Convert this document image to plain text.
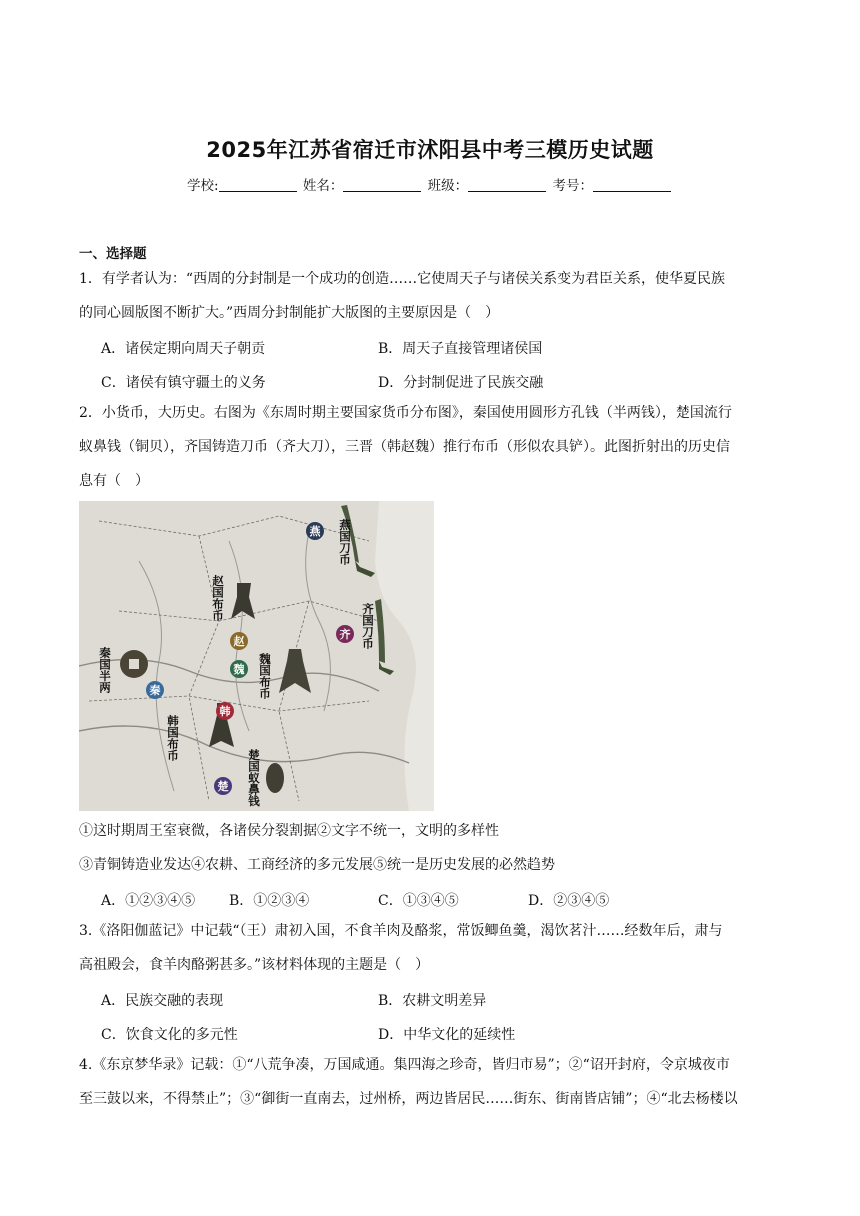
2025年江苏省宿迁市沭阳县中考三模历史试题
学校:	姓名：	班级：	考号：
一、选择题
1．有学者认为：“西周的分封制是一个成功的创造……它使周天子与诸侯关系变为君臣关系，使华夏民族
的同心圆版图不断扩大。”西周分封制能扩大版图的主要原因是（　）
A．诸侯定期向周天子朝贡	B．周天子直接管理诸侯国
C．诸侯有镇守疆土的义务	D．分封制促进了民族交融
2．小货币，大历史。右图为《东周时期主要国家货币分布图》，秦国使用圆形方孔钱（半两钱），楚国流行
蚁鼻钱（铜贝），齐国铸造刀币（齐大刀），三晋（韩赵魏）推行布币（形似农具铲）。此图折射出的历史信
息有（　）
燕
赵
齐
魏
秦
韩
楚
燕国刀币
赵国布币
齐国刀币
魏国布币
秦国半两
韩国布币
楚国蚁鼻钱
①这时期周王室衰微，各诸侯分裂割据②文字不统一，文明的多样性
③青铜铸造业发达④农耕、工商经济的多元发展⑤统一是历史发展的必然趋势
A．①②③④⑤ B．①②③④	C．①③④⑤	D．②③④⑤
3.《洛阳伽蓝记》中记载“（王）肃初入国，不食羊肉及酪浆，常饭鲫鱼羹，渴饮茗汁……经数年后，肃与
高祖殿会，食羊肉酪粥甚多。”该材料体现的主题是（　）
A．民族交融的表现	B．农耕文明差异
C．饮食文化的多元性	D．中华文化的延续性
4.《东京梦华录》记载：①“八荒争凑，万国咸通。集四海之珍奇，皆归市易”；②“诏开封府，令京城夜市
至三鼓以来，不得禁止”；③“御街一直南去，过州桥，两边皆居民……街东、街南皆店铺”；④“北去杨楼以
